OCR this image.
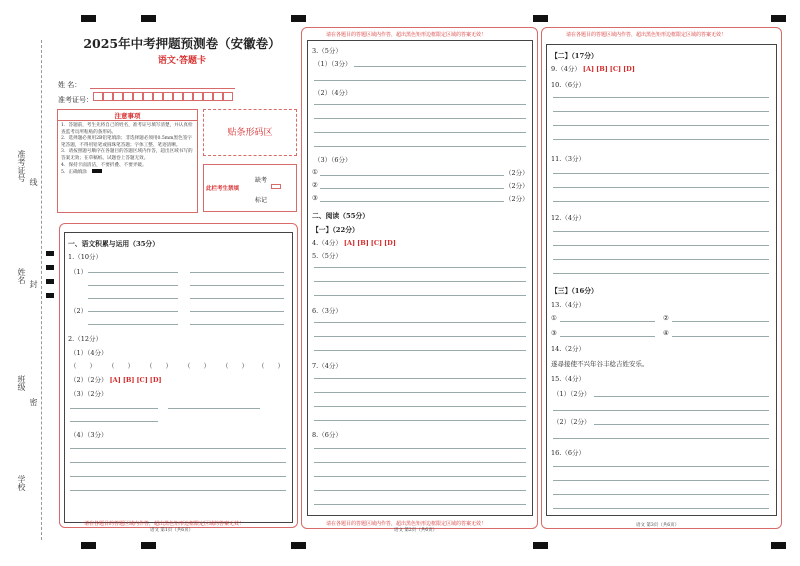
准考证号 线
姓名 封
班级
密
学校
2025年中考押题预测卷（安徽卷）
语文·答题卡
姓 名：
准考证号：
注意事项
1．答题前，考生先将自己的姓名，准考证号填写清楚，并认真检查监考员所粘贴的条形码。
2．选择题必须用2B铅笔填涂；非选择题必须用0.5mm黑色签字笔答题，不得用铅笔或圆珠笔答题；字体工整、笔迹清晰。
3．请按照题号顺序在各题目的答题区域内作答，超出区域书写的答案无效；在草稿纸、试题卷上答题无效。
4．保持卡面清洁，不要折叠、不要弄破。
5．正确填涂
贴条形码区
此栏考生禁填
缺考
标记
一、语文积累与运用（35分）
1.（10分）
（1）
（2）
2.（12分）
（1）（4分）
（　　） （　　） （　　） （　　） （　　） （　　）
（2）（2分） [A] [B] [C] [D]
（3）（2分）
（4）（3分）
请在各题目的答题区域内作答，超出黑色矩形边框限定区域的答案无效！
语文 第1页（共6页）
请在各题目的答题区域内作答，超出黑色矩形边框限定区域的答案无效！
3.（5分）
（1）（3分）
（2）（4分）
（3）（6分）
①	（2分）
②	（2分）
③	（2分）
二、阅读（55分）
【一】（22分）
4.（4分） [A] [B] [C] [D]
5.（5分）
6.（3分）
7.（4分）
8.（6分）
请在各题目的答题区域内作答，超出黑色矩形边框限定区域的答案无效！
语文 第2页（共6页）
请在各题目的答题区域内作答，超出黑色矩形边框限定区域的答案无效！
【二】（17分）
9.（4分） [A] [B] [C] [D]
10.（6分）
11.（3分）
12.（4分）
【三】（16分）
13.（4分）
①	②
③	④
14.（2分）
遂尋接使不兴年谷丰稔吉姓安乐。
15.（4分）
（1）（2分）
（2）（2分）
16.（6分）
语文 第3页（共6页）
